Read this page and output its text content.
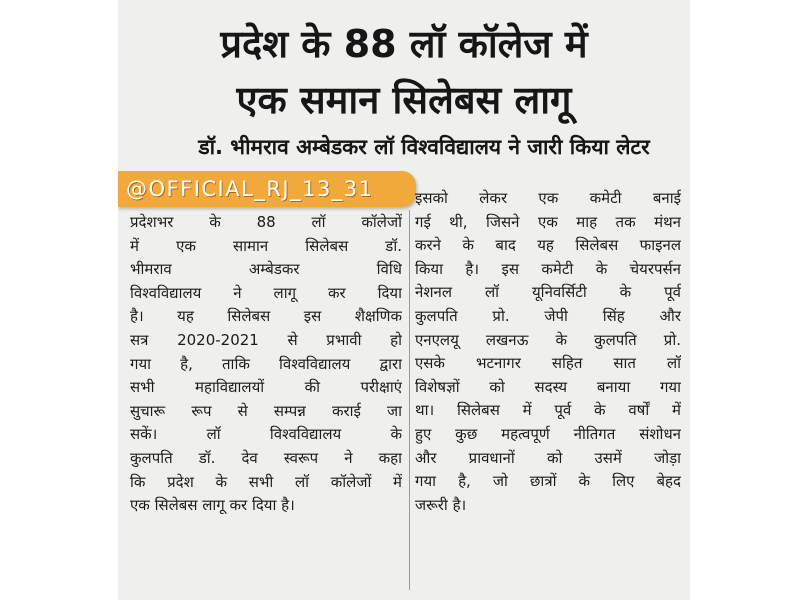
प्रदेश के 88 लॉ कॉलेज में
एक समान सिलेबस लागू
डॉ. भीमराव अम्बेडकर लॉ विश्वविद्यालय ने जारी किया लेटर
@OFFICIAL_RJ_13_31
प्रदेशभर के 88 लॉ कॉलेजों
में एक सामान सिलेबस डॉ.
भीमराव अम्बेडकर विधि
विश्वविद्यालय ने लागू कर दिया
है। यह सिलेबस इस शैक्षणिक
सत्र 2020-2021 से प्रभावी हो
गया है, ताकि विश्वविद्यालय द्वारा
सभी महाविद्यालयों की परीक्षाएं
सुचारू रूप से सम्पन्न कराई जा
सकें। लॉ विश्वविद्यालय के
कुलपति डॉ. देव स्वरूप ने कहा
कि प्रदेश के सभी लॉ कॉलेजों में
एक सिलेबस लागू कर दिया है।
इसको लेकर एक कमेटी बनाई
गई थी, जिसने एक माह तक मंथन
करने के बाद यह सिलेबस फाइनल
किया है। इस कमेटी के चेयरपर्सन
नेशनल लॉ यूनिवर्सिटी के पूर्व
कुलपति प्रो. जेपी सिंह और
एनएलयू लखनऊ के कुलपति प्रो.
एसके भटनागर सहित सात लॉ
विशेषज्ञों को सदस्य बनाया गया
था। सिलेबस में पूर्व के वर्षों में
हुए कुछ महत्वपूर्ण नीतिगत संशोधन
और प्रावधानों को उसमें जोड़ा
गया है, जो छात्रों के लिए बेहद
जरूरी है।
